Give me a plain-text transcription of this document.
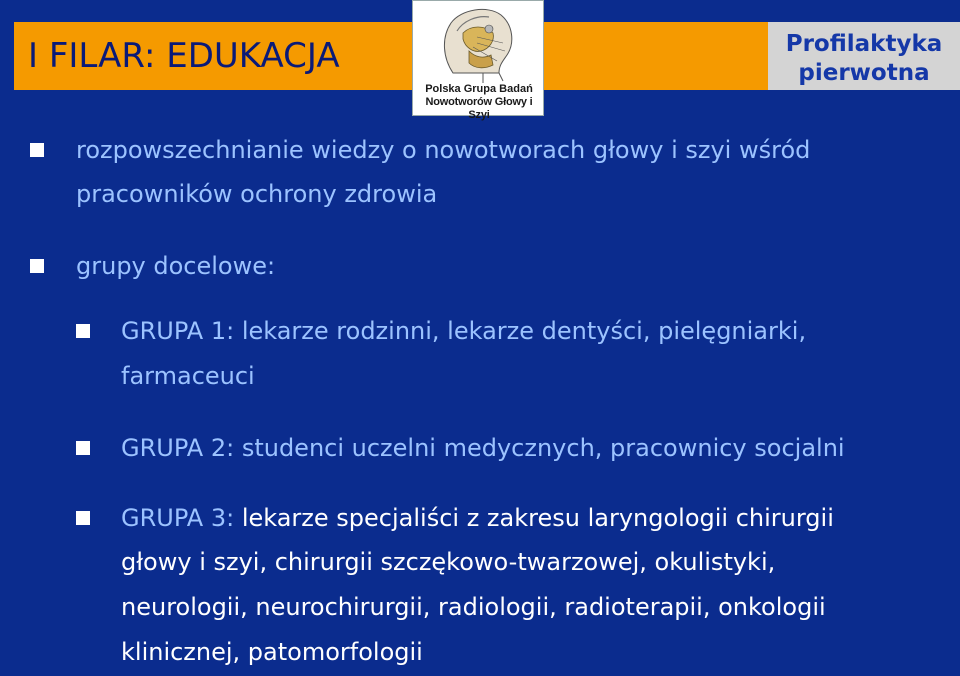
I FILAR: EDUKACJA	Profilaktyka
pierwotna
Polska Grupa Badań
Nowotworów Głowy i Szyi
rozpowszechnianie wiedzy o nowotworach głowy i szyi wśród
pracowników ochrony zdrowia
grupy docelowe:
GRUPA 1: lekarze rodzinni, lekarze dentyści, pielęgniarki,
farmaceuci
GRUPA 2: studenci uczelni medycznych, pracownicy socjalni
GRUPA 3: lekarze specjaliści z zakresu laryngologii chirurgii
głowy i szyi, chirurgii szczękowo-twarzowej, okulistyki,
neurologii, neurochirurgii, radiologii, radioterapii, onkologii
klinicznej, patomorfologii
